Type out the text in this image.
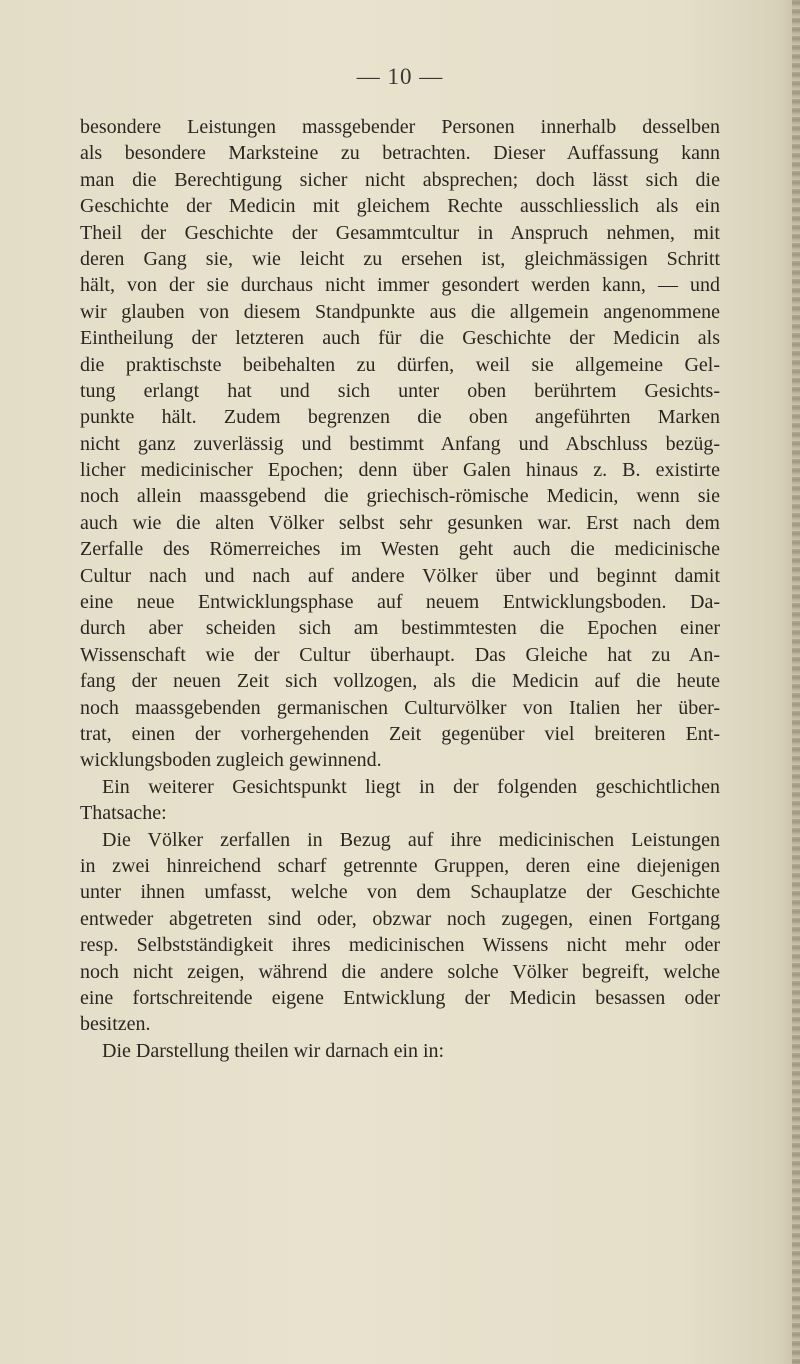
— 10 —
besondere Leistungen massgebender Personen innerhalb desselben
als besondere Marksteine zu betrachten. Dieser Auffassung kann
man die Berechtigung sicher nicht absprechen; doch lässt sich die
Geschichte der Medicin mit gleichem Rechte ausschliesslich als ein
Theil der Geschichte der Gesammtcultur in Anspruch nehmen, mit
deren Gang sie, wie leicht zu ersehen ist, gleichmässigen Schritt
hält, von der sie durchaus nicht immer gesondert werden kann, — und
wir glauben von diesem Standpunkte aus die allgemein angenommene
Eintheilung der letzteren auch für die Geschichte der Medicin als
die praktischste beibehalten zu dürfen, weil sie allgemeine Gel-
tung erlangt hat und sich unter oben berührtem Gesichts-
punkte hält. Zudem begrenzen die oben angeführten Marken
nicht ganz zuverlässig und bestimmt Anfang und Abschluss bezüg-
licher medicinischer Epochen; denn über Galen hinaus z. B. existirte
noch allein maassgebend die griechisch-römische Medicin, wenn sie
auch wie die alten Völker selbst sehr gesunken war. Erst nach dem
Zerfalle des Römerreiches im Westen geht auch die medicinische
Cultur nach und nach auf andere Völker über und beginnt damit
eine neue Entwicklungsphase auf neuem Entwicklungsboden. Da-
durch aber scheiden sich am bestimmtesten die Epochen einer
Wissenschaft wie der Cultur überhaupt. Das Gleiche hat zu An-
fang der neuen Zeit sich vollzogen, als die Medicin auf die heute
noch maassgebenden germanischen Culturvölker von Italien her über-
trat, einen der vorhergehenden Zeit gegenüber viel breiteren Ent-
wicklungsboden zugleich gewinnend.
Ein weiterer Gesichtspunkt liegt in der folgenden geschichtlichen
Thatsache:
Die Völker zerfallen in Bezug auf ihre medicinischen Leistungen
in zwei hinreichend scharf getrennte Gruppen, deren eine diejenigen
unter ihnen umfasst, welche von dem Schauplatze der Geschichte
entweder abgetreten sind oder, obzwar noch zugegen, einen Fortgang
resp. Selbstständigkeit ihres medicinischen Wissens nicht mehr oder
noch nicht zeigen, während die andere solche Völker begreift, welche
eine fortschreitende eigene Entwicklung der Medicin besassen oder
besitzen.
Die Darstellung theilen wir darnach ein in:
